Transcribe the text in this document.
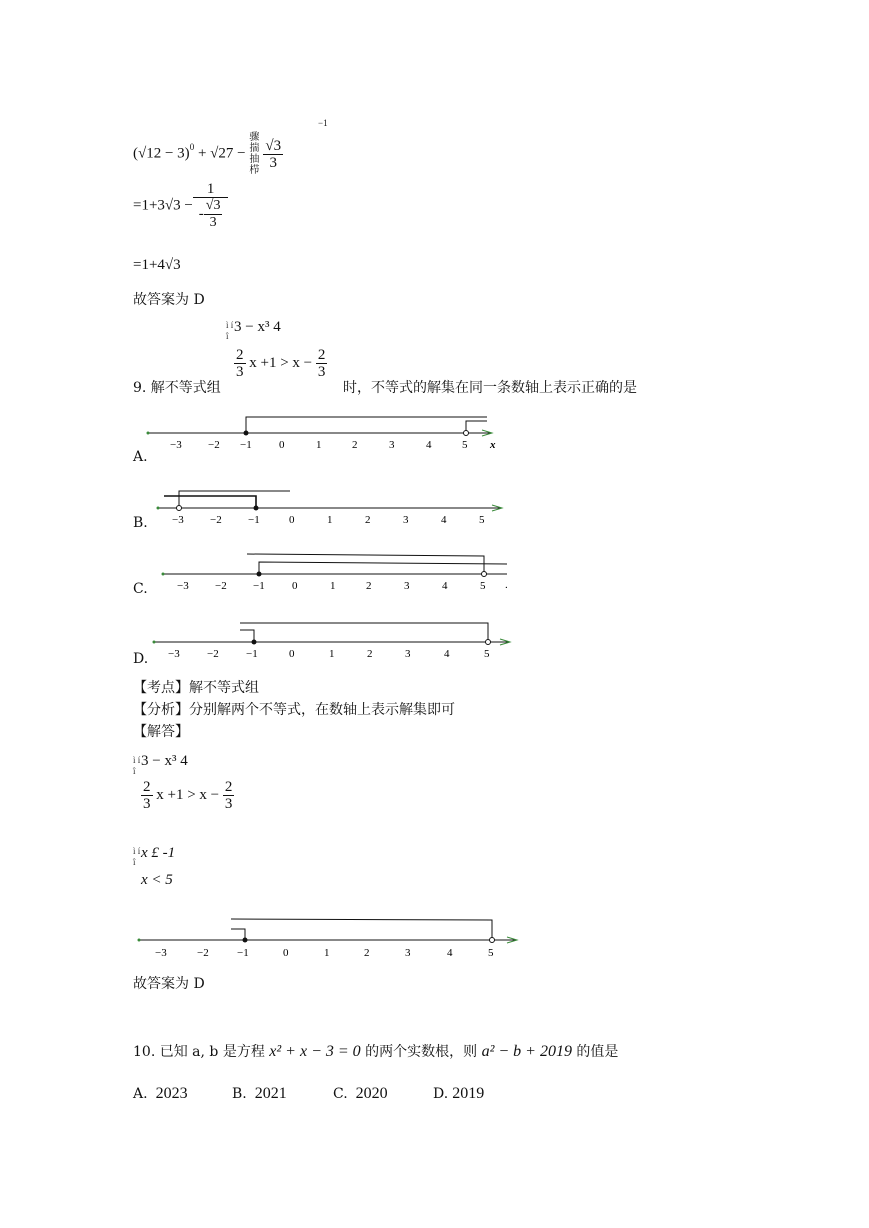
$(√12 - 3)^0 + √27$ − 骤 揣 抽 栉 $\frac{√3}{3}$
−1
$=1+3√3 - \frac{1}{- \frac{√3}{3}}$
=1+4√3
故答案为 D
ì í î
3 − x³ 4
$\frac{2}{3}$ $x +1 > x - \frac{2}{3}$
9. 解不等式组	时，不等式的解集在同一条数轴上表示正确的是
A.
−3 −2 −1 0	1	2	3	4	5 x
B. −3 −2 −1	0	1	2	3	4	5
C.	.
−3 −2 −1 0	1	2	3	4	5
D. −3 −2 −1	0	1	2	3	4	5
【考点】解不等式组
【分析】分别解两个不等式，在数轴上表示解集即可
【解答】
ì í î
3 − x³ 4
$\frac{2}{3}$ $x +1 > x - \frac{2}{3}$
ì í î
x £ -1
x < 5
−3	−2	−1	0	1	2	3	4	5
故答案为 D
10. 已知 a, b 是方程 x² + x − 3 = 0 的两个实数根，则 a² − b + 2019 的值是
A. 2023	B. 2021	C. 2020	D. 2019
